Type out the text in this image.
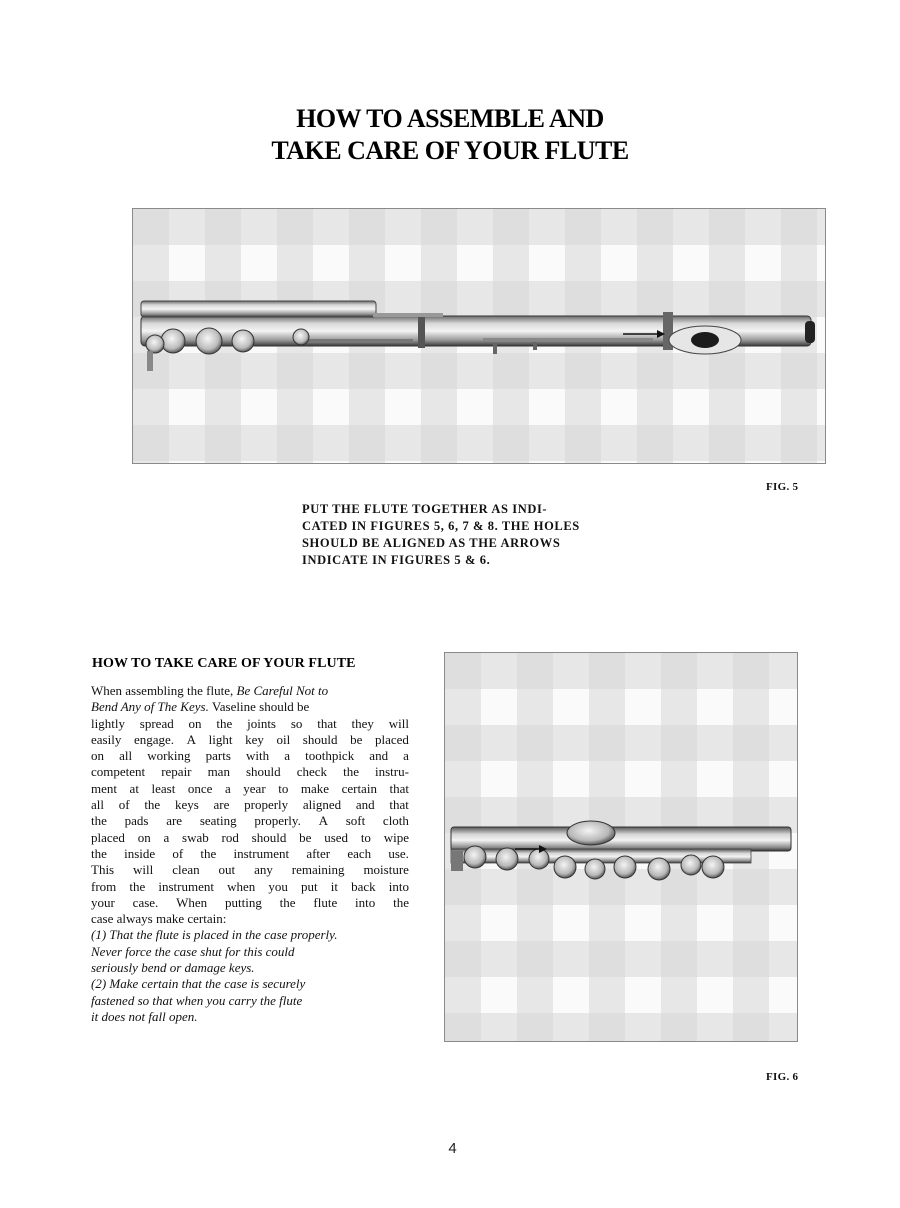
HOW TO ASSEMBLE AND
TAKE CARE OF YOUR FLUTE
FIG. 5
PUT THE FLUTE TOGETHER AS INDI-
CATED IN FIGURES 5, 6, 7 & 8. THE HOLES
SHOULD BE ALIGNED AS THE ARROWS
INDICATE IN FIGURES 5 & 6.
HOW TO TAKE CARE OF YOUR FLUTE
When assembling the flute, Be Careful Not to
Bend Any of The Keys. Vaseline should be
lightly spread on the joints so that they will
easily engage. A light key oil should be placed
on all working parts with a toothpick and a
competent repair man should check the instru-
ment at least once a year to make certain that
all of the keys are properly aligned and that
the pads are seating properly. A soft cloth
placed on a swab rod should be used to wipe
the inside of the instrument after each use.
This will clean out any remaining moisture
from the instrument when you put it back into
your case. When putting the flute into the
case always make certain:
(1) That the flute is placed in the case properly.
Never force the case shut for this could
seriously bend or damage keys.
(2) Make certain that the case is securely
fastened so that when you carry the flute
it does not fall open.
FIG. 6
4
